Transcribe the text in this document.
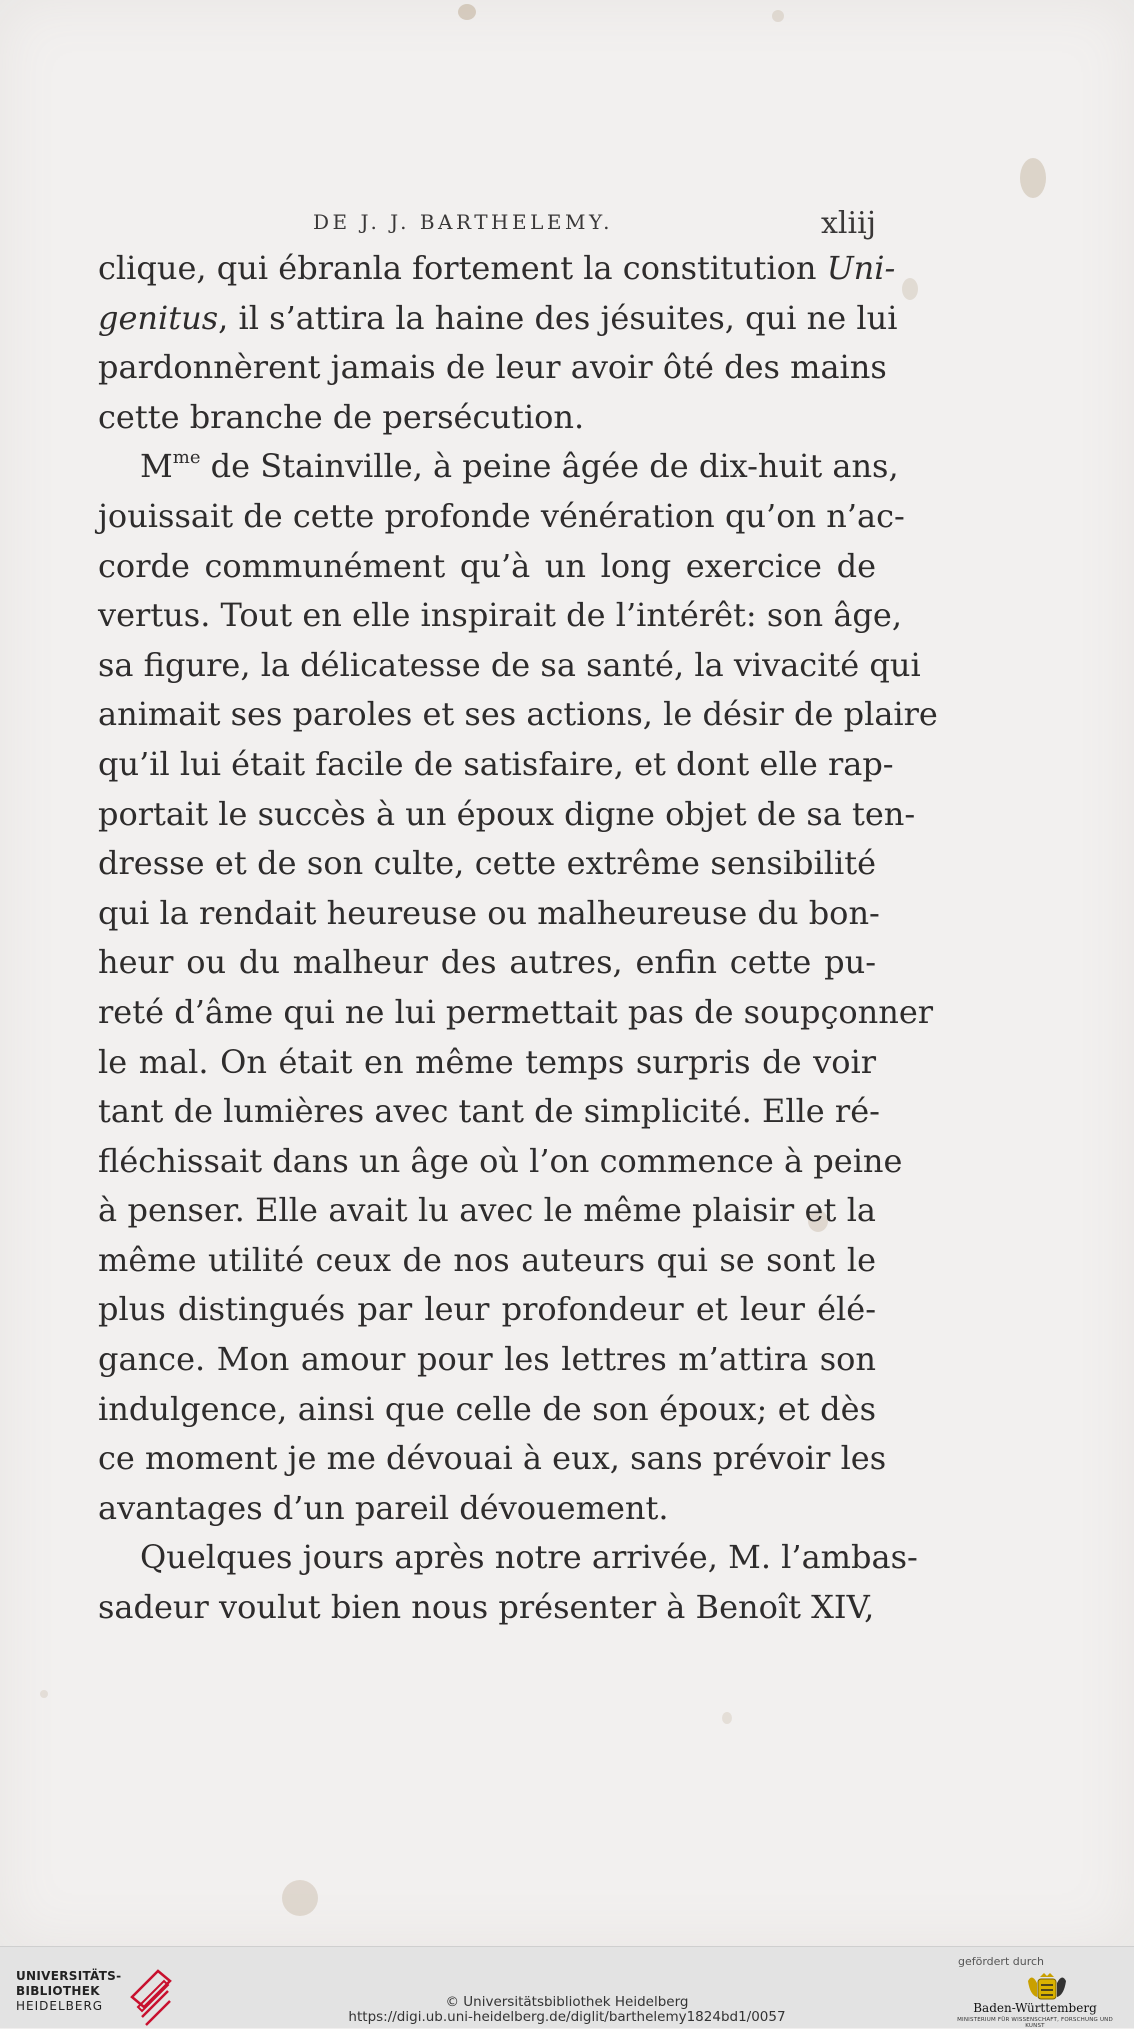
DE J. J. BARTHELEMY.	xliij
clique, qui ébranla fortement la constitution Uni-
genitus, il s’attira la haine des jésuites, qui ne lui
pardonnèrent jamais de leur avoir ôté des mains
cette branche de persécution.
$M^{me}$ de Stainville, à peine âgée de dix-huit ans,
jouissait de cette profonde vénération qu’on n’ac-
corde communément qu’à un long exercice de
vertus. Tout en elle inspirait de l’intérêt: son âge,
sa figure, la délicatesse de sa santé, la vivacité qui
animait ses paroles et ses actions, le désir de plaire
qu’il lui était facile de satisfaire, et dont elle rap-
portait le succès à un époux digne objet de sa ten-
dresse et de son culte, cette extrême sensibilité
qui la rendait heureuse ou malheureuse du bon-
heur ou du malheur des autres, enfin cette pu-
reté d’âme qui ne lui permettait pas de soupçonner
le mal. On était en même temps surpris de voir
tant de lumières avec tant de simplicité. Elle ré-
fléchissait dans un âge où l’on commence à peine
à penser. Elle avait lu avec le même plaisir et la
même utilité ceux de nos auteurs qui se sont le
plus distingués par leur profondeur et leur élé-
gance. Mon amour pour les lettres m’attira son
indulgence, ainsi que celle de son époux; et dès
ce moment je me dévouai à eux, sans prévoir les
avantages d’un pareil dévouement.
Quelques jours après notre arrivée, M. l’ambas-
sadeur voulut bien nous présenter à Benoît XIV,
UNIVERSITÄTS-
BIBLIOTHEK
HEIDELBERG	© Universitätsbibliothek Heidelberg
https://digi.ub.uni-heidelberg.de/diglit/barthelemy1824bd1/0057
gefördert durch
Baden-Württemberg
MINISTERIUM FÜR WISSENSCHAFT, FORSCHUNG UND KUNST
